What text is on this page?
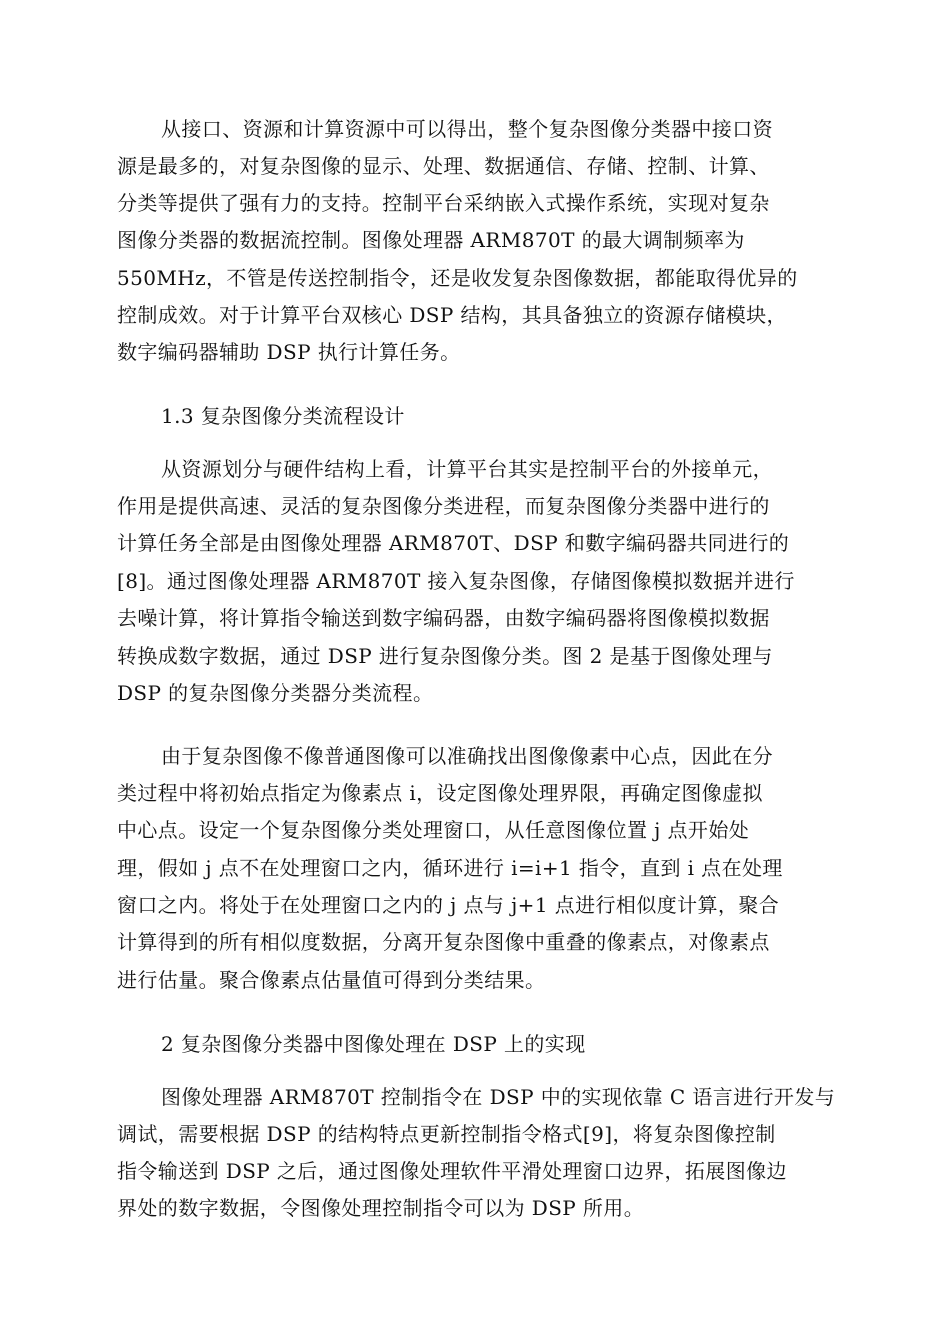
从接口、资源和计算资源中可以得出，整个复杂图像分类器中接口资
源是最多的，对复杂图像的显示、处理、数据通信、存储、控制、计算、
分类等提供了强有力的支持。控制平台采纳嵌入式操作系统，实现对复杂
图像分类器的数据流控制。图像处理器 ARM870T 的最大调制频率为
550MHz，不管是传送控制指令，还是收发复杂图像数据，都能取得优异的
控制成效。对于计算平台双核心 DSP 结构，其具备独立的资源存储模块，
数字编码器辅助 DSP 执行计算任务。
1.3 复杂图像分类流程设计
从资源划分与硬件结构上看，计算平台其实是控制平台的外接单元，
作用是提供高速、灵活的复杂图像分类进程，而复杂图像分类器中进行的
计算任务全部是由图像处理器 ARM870T、DSP 和數字编码器共同进行的
[8]。通过图像处理器 ARM870T 接入复杂图像，存储图像模拟数据并进行
去噪计算，将计算指令输送到数字编码器，由数字编码器将图像模拟数据
转换成数字数据，通过 DSP 进行复杂图像分类。图 2 是基于图像处理与
DSP 的复杂图像分类器分类流程。
由于复杂图像不像普通图像可以准确找出图像像素中心点，因此在分
类过程中将初始点指定为像素点 i，设定图像处理界限，再确定图像虚拟
中心点。设定一个复杂图像分类处理窗口，从任意图像位置 j 点开始处
理，假如 j 点不在处理窗口之内，循环进行 i=i+1 指令，直到 i 点在处理
窗口之内。将处于在处理窗口之内的 j 点与 j+1 点进行相似度计算，聚合
计算得到的所有相似度数据，分离开复杂图像中重叠的像素点，对像素点
进行估量。聚合像素点估量值可得到分类结果。
2 复杂图像分类器中图像处理在 DSP 上的实现
图像处理器 ARM870T 控制指令在 DSP 中的实现依靠 C 语言进行开发与
调试，需要根据 DSP 的结构特点更新控制指令格式[9]，将复杂图像控制
指令输送到 DSP 之后，通过图像处理软件平滑处理窗口边界，拓展图像边
界处的数字数据，令图像处理控制指令可以为 DSP 所用。
